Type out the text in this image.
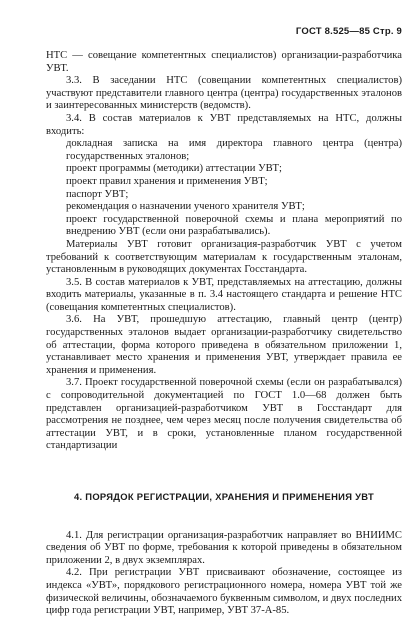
ГОСТ 8.525—85 Стр. 9

НТС — совещание компетентных специалистов) организации-разработчика УВТ.

3.3. В заседании НТС (совещании компетентных специалистов) участвуют представители главного центра (центра) государственных эталонов и заинтересованных министерств (ведомств).

3.4. В состав материалов к УВТ представляемых на НТС, должны входить:

докладная записка на имя директора главного центра (центра) государственных эталонов;

проект программы (методики) аттестации УВТ;

проект правил хранения и применения УВТ;

паспорт УВТ;

рекомендация о назначении ученого хранителя УВТ;

проект государственной поверочной схемы и плана мероприятий по внедрению УВТ (если они разрабатывались).

Материалы УВТ готовит организация-разработчик УВТ с учетом требований к соответствующим материалам к государственным эталонам, установленным в руководящих документах Госстандарта.

3.5. В состав материалов к УВТ, представляемых на аттестацию, должны входить материалы, указанные в п. 3.4 настоящего стандарта и решение НТС (совещания компетентных специалистов).

3.6. На УВТ, прошедшую аттестацию, главный центр (центр) государственных эталонов выдает организации-разработчику свидетельство об аттестации, форма которого приведена в обязательном приложении 1, устанавливает место хранения и применения УВТ, утверждает правила ее хранения и применения.

3.7. Проект государственной поверочной схемы (если он разрабатывался) с сопроводительной документацией по ГОСТ 1.0—68 должен быть представлен организацией-разработчиком УВТ в Госстандарт для рассмотрения не позднее, чем через месяц после получения свидетельства об аттестации УВТ, и в сроки, установленные планом государственной стандартизации

4. ПОРЯДОК РЕГИСТРАЦИИ, ХРАНЕНИЯ И ПРИМЕНЕНИЯ УВТ

4.1. Для регистрации организация-разработчик направляет во ВНИИМС сведения об УВТ по форме, требования к которой приведены в обязательном приложении 2, в двух экземплярах.

4.2. При регистрации УВТ присваивают обозначение, состоящее из индекса «УВТ», порядкового регистрационного номера, номера УВТ той же физической величины, обозначаемого буквенным символом, и двух последних цифр года регистрации УВТ, например, УВТ 37-А-85.
